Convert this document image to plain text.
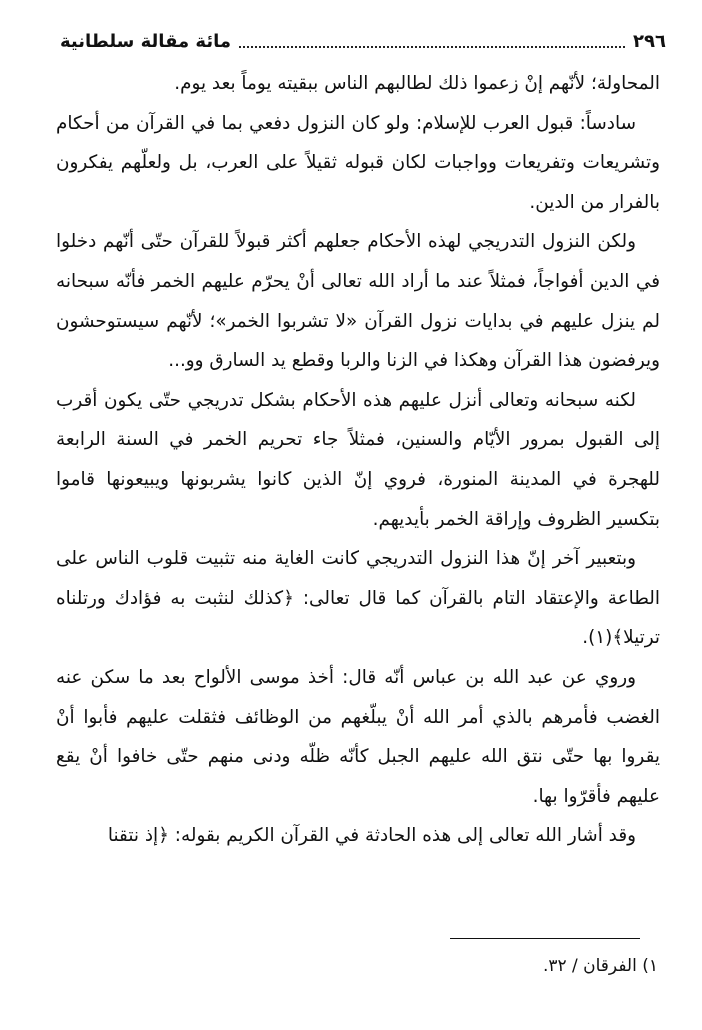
٢٩٦
مائة مقالة سلطانية

المحاولة؛ لأنّهم إنْ زعموا ذلك لطالبهم الناس ببقيته يوماً بعد يوم.

سادساً: قبول العرب للإسلام: ولو كان النزول دفعي بما في القرآن من أحكام وتشريعات وتفريعات وواجبات لكان قبوله ثقيلاً على العرب، بل ولعلّهم يفكرون بالفرار من الدين.

ولكن النزول التدريجي لهذه الأحكام جعلهم أكثر قبولاً للقرآن حتّى أنّهم دخلوا في الدين أفواجاً، فمثلاً عند ما أراد الله تعالى أنْ يحرّم عليهم الخمر فأنّه سبحانه لم ينزل عليهم في بدايات نزول القرآن «لا تشربوا الخمر»؛ لأنّهم سيستوحشون ويرفضون هذا القرآن وهكذا في الزنا والربا وقطع يد السارق وو...

لكنه سبحانه وتعالى أنزل عليهم هذه الأحكام بشكل تدريجي حتّى يكون أقرب إلى القبول بمرور الأيّام والسنين، فمثلاً جاء تحريم الخمر في السنة الرابعة للهجرة في المدينة المنورة، فروي إنّ الذين كانوا يشربونها ويبيعونها قاموا بتكسير الظروف وإراقة الخمر بأيديهم.

وبتعبير آخر إنّ هذا النزول التدريجي كانت الغاية منه تثبيت قلوب الناس على الطاعة والإعتقاد التام بالقرآن كما قال تعالى: ﴿كذلك لنثبت به فؤادك ورتلناه ترتيلا﴾(١).

وروي عن عبد الله بن عباس أنّه قال: أخذ موسى الألواح بعد ما سكن عنه الغضب فأمرهم بالذي أمر الله أنْ يبلّغهم من الوظائف فثقلت عليهم فأبوا أنْ يقروا بها حتّى نتق الله عليهم الجبل كأنّه ظلّه ودنى منهم حتّى خافوا أنْ يقع عليهم فأقرّوا بها.

وقد أشار الله تعالى إلى هذه الحادثة في القرآن الكريم بقوله: ﴿إذ نتقنا

١) الفرقان / ٣٢.
